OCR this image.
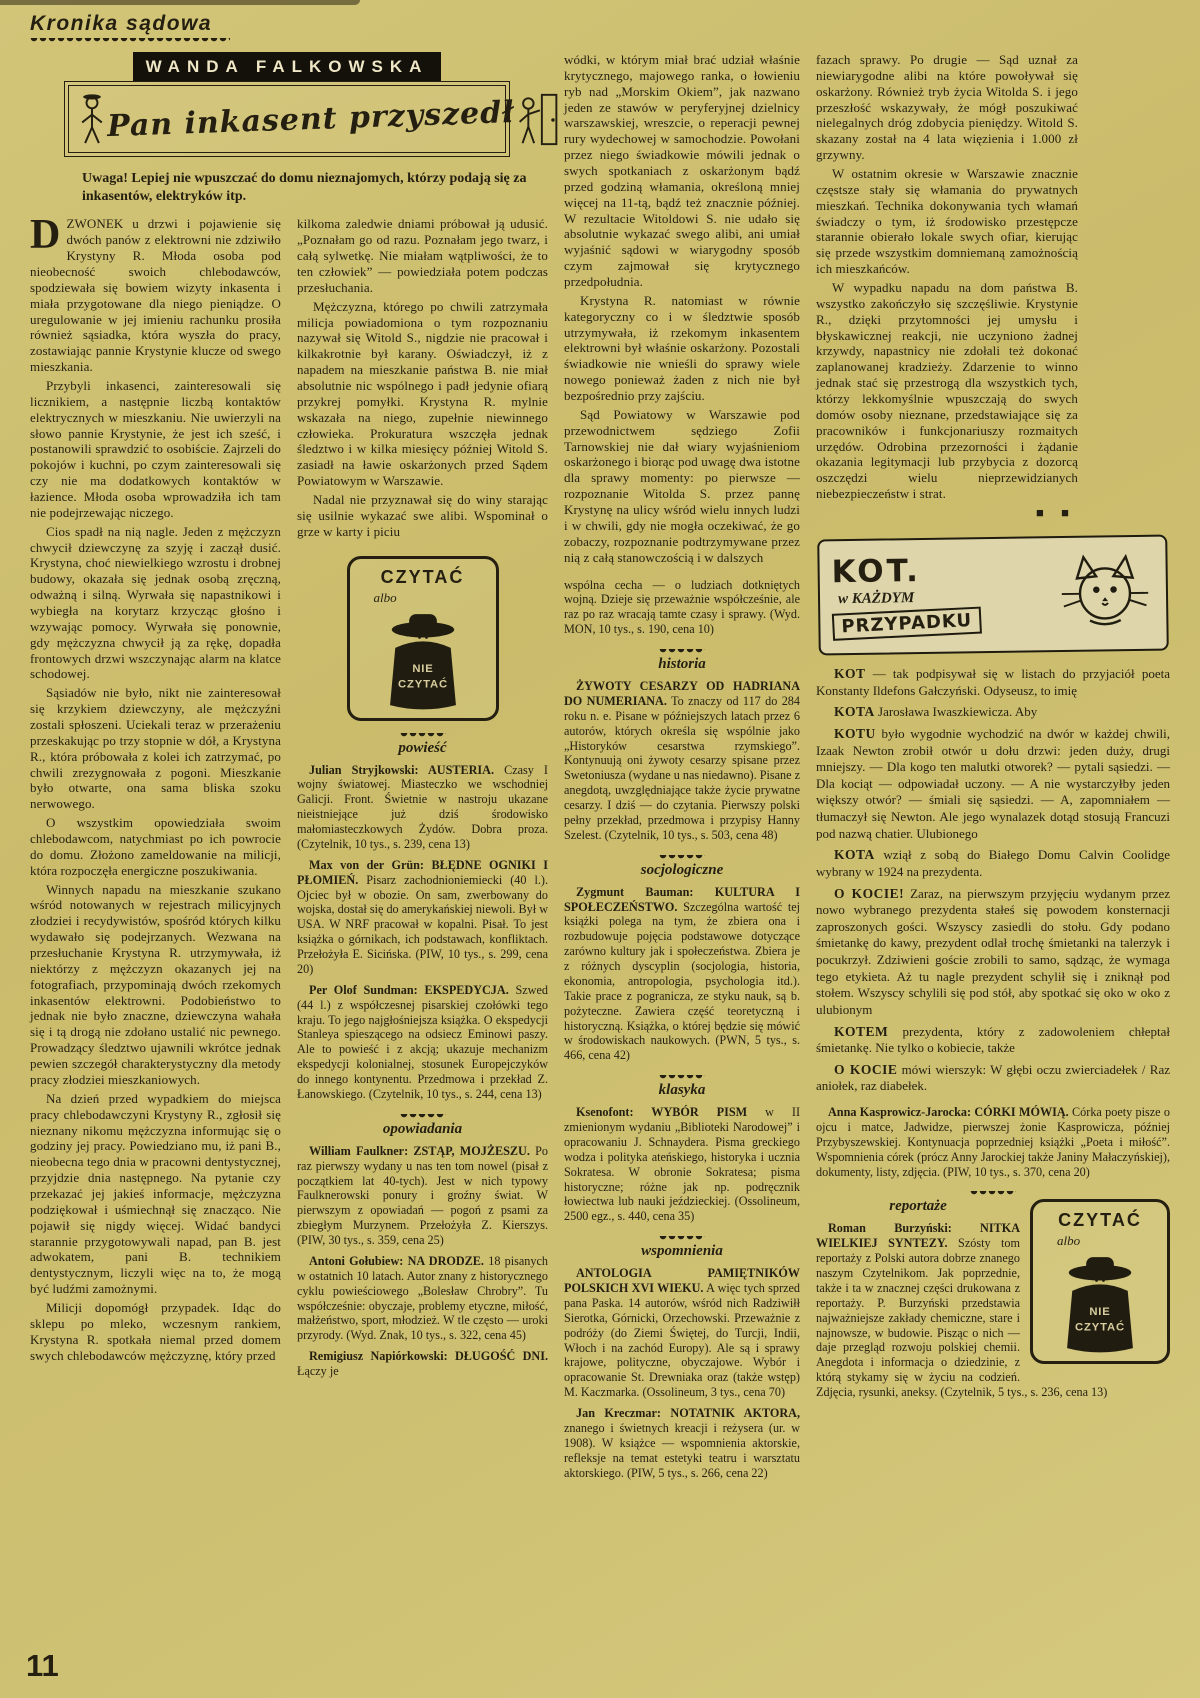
Kronika sądowa
WANDA FALKOWSKA
Pan inkasent przyszedł

Uwaga! Lepiej nie wpuszczać do domu nieznajomych, którzy podają się za inkasentów, elektryków itp.

DZWONEK u drzwi i pojawienie się dwóch panów z elektrowni nie zdziwiło Krystyny R. Młoda osoba pod nieobecność swoich chlebodawców, spodziewała się bowiem wizyty inkasenta i miała przygotowane dla niego pieniądze. O uregulowanie w jej imieniu rachunku prosiła również sąsiadka, która wyszła do pracy, zostawiając pannie Krystynie klucze od swego mieszkania.

Przybyli inkasenci, zainteresowali się licznikiem, a następnie liczbą kontaktów elektrycznych w mieszkaniu. Nie uwierzyli na słowo pannie Krystynie, że jest ich sześć, i postanowili sprawdzić to osobiście. Zajrzeli do pokojów i kuchni, po czym zainteresowali się czy nie ma dodatkowych kontaktów w łazience. Młoda osoba wprowadziła ich tam nie podejrzewając niczego.

Cios spadł na nią nagle. Jeden z mężczyzn chwycił dziewczynę za szyję i zaczął dusić. Krystyna, choć niewielkiego wzrostu i drobnej budowy, okazała się jednak osobą zręczną, odważną i silną. Wyrwała się napastnikowi i wybiegła na korytarz krzycząc głośno i wzywając pomocy. Wyrwała się ponownie, gdy mężczyzna chwycił ją za rękę, dopadła frontowych drzwi wszczynając alarm na klatce schodowej.

Sąsiadów nie było, nikt nie zainteresował się krzykiem dziewczyny, ale mężczyźni zostali spłoszeni. Uciekali teraz w przerażeniu przeskakując po trzy stopnie w dół, a Krystyna R., która próbowała z kolei ich zatrzymać, po chwili zrezygnowała z pogoni. Mieszkanie było otwarte, ona sama bliska szoku nerwowego.

O wszystkim opowiedziała swoim chlebodawcom, natychmiast po ich powrocie do domu. Złożono zameldowanie na milicji, która rozpoczęła energiczne poszukiwania.

Winnych napadu na mieszkanie szukano wśród notowanych w rejestrach milicyjnych złodziei i recydywistów, spośród których kilku wydawało się podejrzanych. Wezwana na przesłuchanie Krystyna R. utrzymywała, iż niektórzy z mężczyzn okazanych jej na fotografiach, przypominają dwóch rzekomych inkasentów elektrowni. Podobieństwo to jednak nie było znaczne, dziewczyna wahała się i tą drogą nie zdołano ustalić nic pewnego. Prowadzący śledztwo ujawnili wkrótce jednak pewien szczegół charakterystyczny dla metody pracy złodziei mieszkaniowych.

Na dzień przed wypadkiem do miejsca pracy chlebodawczyni Krystyny R., zgłosił się nieznany nikomu mężczyzna informując się o godziny jej pracy. Powiedziano mu, iż pani B., nieobecna tego dnia w pracowni dentystycznej, przyjdzie dnia następnego. Na pytanie czy przekazać jej jakieś informacje, mężczyzna podziękował i uśmiechnął się znacząco. Nie pojawił się nigdy więcej. Widać bandyci starannie przygotowywali napad, pan B. jest adwokatem, pani B. technikiem dentystycznym, liczyli więc na to, że mogą być ludźmi zamożnymi.

Milicji dopomógł przypadek. Idąc do sklepu po mleko, wczesnym rankiem, Krystyna R. spotkała niemal przed domem swych chlebodawców mężczyznę, który przed

kilkoma zaledwie dniami próbował ją udusić. „Poznałam go od razu. Poznałam jego twarz, i całą sylwetkę. Nie miałam wątpliwości, że to ten człowiek” — powiedziała potem podczas przesłuchania.

Mężczyzna, którego po chwili zatrzymała milicja powiadomiona o tym rozpoznaniu nazywał się Witold S., nigdzie nie pracował i kilkakrotnie był karany. Oświadczył, iż z napadem na mieszkanie państwa B. nie miał absolutnie nic wspólnego i padł jedynie ofiarą przykrej pomyłki. Krystyna R. mylnie wskazała na niego, zupełnie niewinnego człowieka. Prokuratura wszczęła jednak śledztwo i w kilka miesięcy później Witold S. zasiadł na ławie oskarżonych przed Sądem Powiatowym w Warszawie.

Nadal nie przyznawał się do winy starając się usilnie wykazać swe alibi. Wspominał o grze w karty i piciu

CZYTAĆ
albo
NIE
CZYTAĆ
powieść

Julian Stryjkowski: AUSTERIA. Czasy I wojny światowej. Miasteczko we wschodniej Galicji. Front. Świetnie w nastroju ukazane nieistniejące już dziś środowisko małomiasteczkowych Żydów. Dobra proza. (Czytelnik, 10 tys., s. 239, cena 13)

Max von der Grün: BŁĘDNE OGNIKI I PŁOMIEŃ. Pisarz zachodnioniemiecki (40 l.). Ojciec był w obozie. On sam, zwerbowany do wojska, dostał się do amerykańskiej niewoli. Był w USA. W NRF pracował w kopalni. Pisał. To jest książka o górnikach, ich podstawach, konfliktach. Przełożyła E. Sicińska. (PIW, 10 tys., s. 299, cena 20)

Per Olof Sundman: EKSPEDYCJA. Szwed (44 l.) z współczesnej pisarskiej czołówki tego kraju. To jego najgłośniejsza książka. O ekspedycji Stanleya spieszącego na odsiecz Eminowi paszy. Ale to powieść i z akcją; ukazuje mechanizm ekspedycji kolonialnej, stosunek Europejczyków do innego kontynentu. Przedmowa i przekład Z. Łanowskiego. (Czytelnik, 10 tys., s. 244, cena 13)

opowiadania

William Faulkner: ZSTĄP, MOJŻESZU. Po raz pierwszy wydany u nas ten tom nowel (pisał z początkiem lat 40-tych). Jest w nich typowy Faulknerowski ponury i groźny świat. W pierwszym z opowiadań — pogoń z psami za zbiegłym Murzynem. Przełożyła Z. Kierszys. (PIW, 30 tys., s. 359, cena 25)

Antoni Gołubiew: NA DRODZE. 18 pisanych w ostatnich 10 latach. Autor znany z historycznego cyklu powieściowego „Bolesław Chrobry”. Tu współcześnie: obyczaje, problemy etyczne, miłość, małżeństwo, sport, młodzież. W tle często — uroki przyrody. (Wyd. Znak, 10 tys., s. 322, cena 45)

Remigiusz Napiórkowski: DŁUGOŚĆ DNI. Łączy je

wódki, w którym miał brać udział właśnie krytycznego, majowego ranka, o łowieniu ryb nad „Morskim Okiem”, jak nazwano jeden ze stawów w peryferyjnej dzielnicy warszawskiej, wreszcie, o reperacji pewnej rury wydechowej w samochodzie. Powołani przez niego świadkowie mówili jednak o swych spotkaniach z oskarżonym bądź przed godziną włamania, określoną mniej więcej na 11-tą, bądź też znacznie później. W rezultacie Witoldowi S. nie udało się absolutnie wykazać swego alibi, ani umiał wyjaśnić sądowi w wiarygodny sposób czym zajmował się krytycznego przedpołudnia.

Krystyna R. natomiast w równie kategoryczny co i w śledztwie sposób utrzymywała, iż rzekomym inkasentem elektrowni był właśnie oskarżony. Pozostali świadkowie nie wnieśli do sprawy wiele nowego ponieważ żaden z nich nie był bezpośrednio przy zajściu.

Sąd Powiatowy w Warszawie pod przewodnictwem sędziego Zofii Tarnowskiej nie dał wiary wyjaśnieniom oskarżonego i biorąc pod uwagę dwa istotne dla sprawy momenty: po pierwsze — rozpoznanie Witolda S. przez pannę Krystynę na ulicy wśród wielu innych ludzi i w chwili, gdy nie mogła oczekiwać, że go zobaczy, rozpoznanie podtrzymywane przez nią z całą stanowczością i w dalszych

wspólna cecha — o ludziach dotkniętych wojną. Dzieje się przeważnie współcześnie, ale raz po raz wracają tamte czasy i sprawy. (Wyd. MON, 10 tys., s. 190, cena 10)

historia

ŻYWOTY CESARZY OD HADRIANA DO NUMERIANA. To znaczy od 117 do 284 roku n. e. Pisane w późniejszych latach przez 6 autorów, których określa się wspólnie jako „Historyków cesarstwa rzymskiego”. Kontynuują oni żywoty cesarzy spisane przez Swetoniusza (wydane u nas niedawno). Pisane z anegdotą, uwzględniające także życie prywatne cesarzy. I dziś — do czytania. Pierwszy polski pełny przekład, przedmowa i przypisy Hanny Szelest. (Czytelnik, 10 tys., s. 503, cena 48)

socjologiczne

Zygmunt Bauman: KULTURA I SPOŁECZEŃSTWO. Szczególna wartość tej książki polega na tym, że zbiera ona i rozbudowuje pojęcia podstawowe dotyczące zarówno kultury jak i społeczeństwa. Zbiera je z różnych dyscyplin (socjologia, historia, ekonomia, antropologia, psychologia itd.). Takie prace z pogranicza, ze styku nauk, są b. pożyteczne. Zawiera część teoretyczną i historyczną. Książka, o której będzie się mówić w środowiskach naukowych. (PWN, 5 tys., s. 466, cena 42)

klasyka

Ksenofont: WYBÓR PISM w II zmienionym wydaniu „Biblioteki Narodowej” i opracowaniu J. Schnaydera. Pisma greckiego wodza i polityka ateńskiego, historyka i ucznia Sokratesa. W obronie Sokratesa; pisma historyczne; różne jak np. podręcznik łowiectwa lub nauki jeździeckiej. (Ossolineum, 2500 egz., s. 440, cena 35)

wspomnienia

ANTOLOGIA PAMIĘTNIKÓW POLSKICH XVI WIEKU. A więc tych sprzed pana Paska. 14 autorów, wśród nich Radziwiłł Sierotka, Górnicki, Orzechowski. Przeważnie z podróży (do Ziemi Świętej, do Turcji, Indii, Włoch i na zachód Europy). Ale są i sprawy krajowe, polityczne, obyczajowe. Wybór i opracowanie St. Drewniaka oraz (także wstęp) M. Kaczmarka. (Ossolineum, 3 tys., cena 70)

Jan Kreczmar: NOTATNIK AKTORA, znanego i świetnych kreacji i reżysera (ur. w 1908). W książce — wspomnienia aktorskie, refleksje na temat estetyki teatru i warsztatu aktorskiego. (PIW, 5 tys., s. 266, cena 22)

fazach sprawy. Po drugie — Sąd uznał za niewiarygodne alibi na które powoływał się oskarżony. Również tryb życia Witolda S. i jego przeszłość wskazywały, że mógł poszukiwać nielegalnych dróg zdobycia pieniędzy. Witold S. skazany został na 4 lata więzienia i 1.000 zł grzywny.

W ostatnim okresie w Warszawie znacznie częstsze stały się włamania do prywatnych mieszkań. Technika dokonywania tych włamań świadczy o tym, iż środowisko przestępcze starannie obierało lokale swych ofiar, kierując się przede wszystkim domniemaną zamożnością ich mieszkańców.

W wypadku napadu na dom państwa B. wszystko zakończyło się szczęśliwie. Krystynie R., dzięki przytomności jej umysłu i błyskawicznej reakcji, nie uczyniono żadnej krzywdy, napastnicy nie zdołali też dokonać zaplanowanej kradzieży. Zdarzenie to winno jednak stać się przestrogą dla wszystkich tych, którzy lekkomyślnie wpuszczają do swych domów osoby nieznane, przedstawiające się za pracowników i funkcjonariuszy rozmaitych urzędów. Odrobina przezorności i żądanie okazania legitymacji lub przybycia z dozorcą oszczędzi wielu nieprzewidzianych niebezpieczeństw i strat.

■ ■
KOT.
w KAŻDYM
PRZYPADKU

KOT — tak podpisywał się w listach do przyjaciół poeta Konstanty Ildefons Gałczyński. Odyseusz, to imię

KOTA Jarosława Iwaszkiewicza. Aby

KOTU było wygodnie wychodzić na dwór w każdej chwili, Izaak Newton zrobił otwór u dołu drzwi: jeden duży, drugi mniejszy. — Dla kogo ten malutki otworek? — pytali sąsiedzi. — Dla kociąt — odpowiadał uczony. — A nie wystarczyłby jeden większy otwór? — śmiali się sąsiedzi. — A, zapomniałem — tłumaczył się Newton. Ale jego wynalazek dotąd stosują Francuzi pod nazwą chatier. Ulubionego

KOTA wziął z sobą do Białego Domu Calvin Coolidge wybrany w 1924 na prezydenta.

O KOCIE! Zaraz, na pierwszym przyjęciu wydanym przez nowo wybranego prezydenta stałeś się powodem konsternacji zaproszonych gości. Wszyscy zasiedli do stołu. Gdy podano śmietankę do kawy, prezydent odlał trochę śmietanki na talerzyk i pocukrzył. Zdziwieni goście zrobili to samo, sądząc, że wymaga tego etykieta. Aż tu nagle prezydent schylił się i zniknął pod stołem. Wszyscy schylili się pod stół, aby spotkać się oko w oko z ulubionym

KOTEM prezydenta, który z zadowoleniem chłeptał śmietankę. Nie tylko o kobiecie, także

O KOCIE mówi wierszyk: W głębi oczu zwierciadełek / Raz aniołek, raz diabełek.

Anna Kasprowicz-Jarocka: CÓRKI MÓWIĄ. Córka poety pisze o ojcu i matce, Jadwidze, pierwszej żonie Kasprowicza, później Przybyszewskiej. Kontynuacja poprzedniej książki „Poeta i miłość”. Wspomnienia córek (prócz Anny Jarockiej także Janiny Małaczyńskiej), dokumenty, listy, zdjęcia. (PIW, 10 tys., s. 370, cena 20)

CZYTAĆ
albo
NIE
CZYTAĆ
reportaże

Roman Burzyński: NITKA WIELKIEJ SYNTEZY. Szósty tom reportaży z Polski autora dobrze znanego naszym Czytelnikom. Jak poprzednie, także i ta w znacznej części drukowana z reportaży. P. Burzyński przedstawia najważniejsze zakłady chemiczne, stare i najnowsze, w budowie. Pisząc o nich — daje przegląd rozwoju polskiej chemii. Anegdota i informacja o dziedzinie, z którą stykamy się w życiu na codzień. Zdjęcia, rysunki, aneksy. (Czytelnik, 5 tys., s. 236, cena 13)

11
